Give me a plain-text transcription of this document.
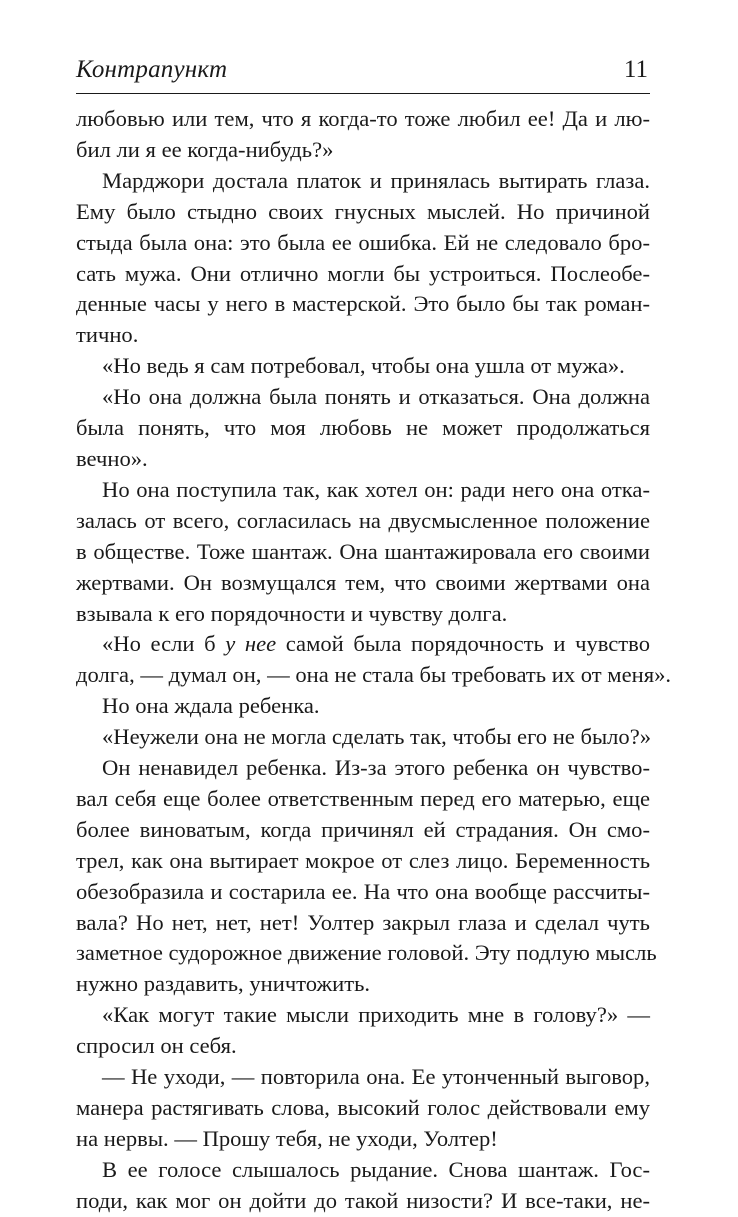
Контрапункт	11
любовью или тем, что я когда-то тоже любил ее! Да и лю-
бил ли я ее когда-нибудь?»
Марджори достала платок и принялась вытирать глаза.
Ему было стыдно своих гнусных мыслей. Но причиной
стыда была она: это была ее ошибка. Ей не следовало бро-
сать мужа. Они отлично могли бы устроиться. Послеобе-
денные часы у него в мастерской. Это было бы так роман-
тично.
«Но ведь я сам потребовал, чтобы она ушла от мужа».
«Но она должна была понять и отказаться. Она должна
была понять, что моя любовь не может продолжаться
вечно».
Но она поступила так, как хотел он: ради него она отка-
залась от всего, согласилась на двусмысленное положение
в обществе. Тоже шантаж. Она шантажировала его своими
жертвами. Он возмущался тем, что своими жертвами она
взывала к его порядочности и чувству долга.
«Но если б у нее самой была порядочность и чувство
долга, — думал он, — она не стала бы требовать их от меня».
Но она ждала ребенка.
«Неужели она не могла сделать так, чтобы его не было?»
Он ненавидел ребенка. Из-за этого ребенка он чувство-
вал себя еще более ответственным перед его матерью, еще
более виноватым, когда причинял ей страдания. Он смо-
трел, как она вытирает мокрое от слез лицо. Беременность
обезобразила и состарила ее. На что она вообще рассчиты-
вала? Но нет, нет, нет! Уолтер закрыл глаза и сделал чуть
заметное судорожное движение головой. Эту подлую мысль
нужно раздавить, уничтожить.
«Как могут такие мысли приходить мне в голову?» —
спросил он себя.
— Не уходи, — повторила она. Ее утонченный выговор,
манера растягивать слова, высокий голос действовали ему
на нервы. — Прошу тебя, не уходи, Уолтер!
В ее голосе слышалось рыдание. Снова шантаж. Гос-
поди, как мог он дойти до такой низости? И все-таки, не-
